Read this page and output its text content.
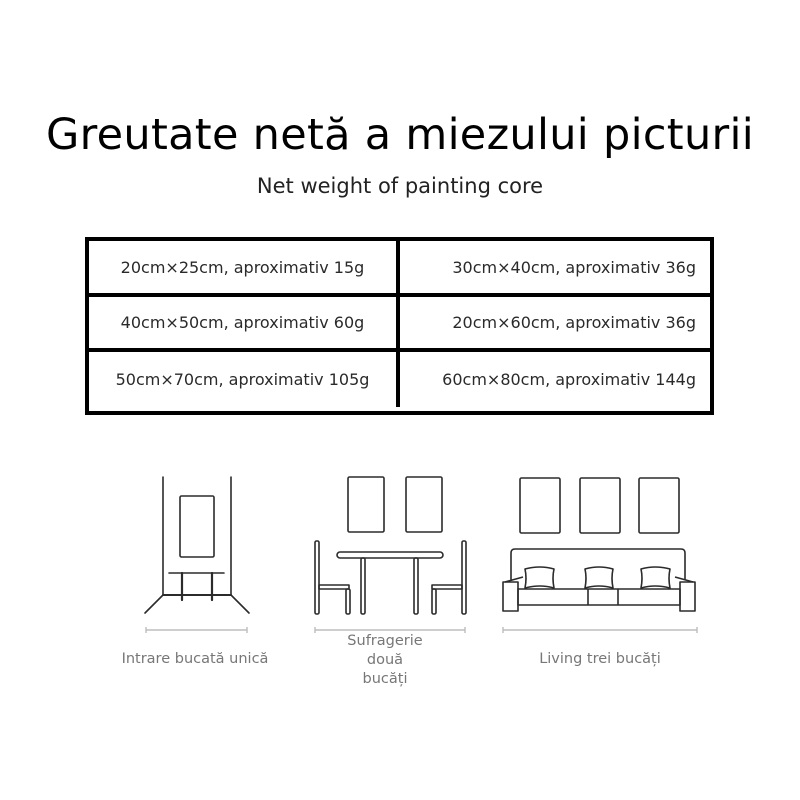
Greutate netă a miezului picturii
Net weight of painting core
20cm×25cm, aproximativ 15g	30cm×40cm, aproximativ 36g
40cm×50cm, aproximativ 60g	20cm×60cm, aproximativ 36g
50cm×70cm, aproximativ 105g	60cm×80cm, aproximativ 144g
Intrare bucată unică
Sufragerie
două
bucăți
Living trei bucăți
